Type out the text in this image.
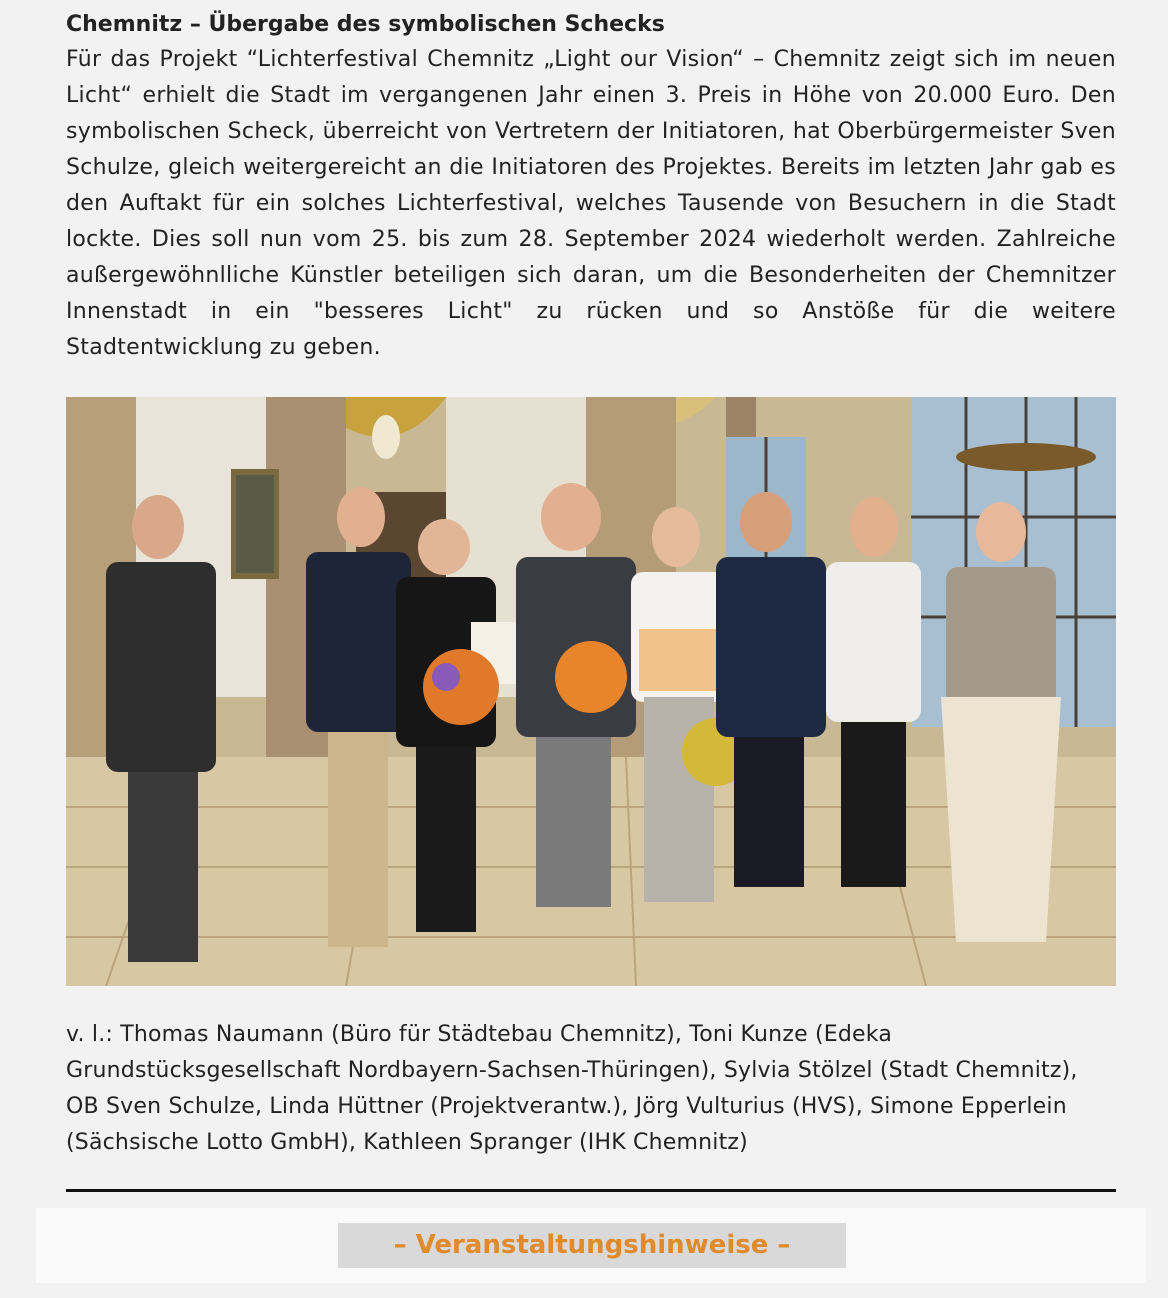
Chemnitz – Übergabe des symbolischen Schecks

Für das Projekt “Lichterfestival Chemnitz „Light our Vision“ – Chemnitz zeigt sich im neuen Licht“ erhielt die Stadt im vergangenen Jahr einen 3. Preis in Höhe von 20.000 Euro. Den symbolischen Scheck, überreicht von Vertretern der Initiatoren, hat Oberbürgermeister Sven Schulze, gleich weitergereicht an die Initiatoren des Projektes. Bereits im letzten Jahr gab es den Auftakt für ein solches Lichterfestival, welches Tausende von Besuchern in die Stadt lockte. Dies soll nun vom 25. bis zum 28. September 2024 wiederholt werden. Zahlreiche außergewöhnlliche Künstler beteiligen sich daran, um die Besonderheiten der Chemnitzer Innenstadt in ein "besseres Licht" zu rücken und so Anstöße für die weitere Stadtentwicklung zu geben.

v. l.: Thomas Naumann (Büro für Städtebau Chemnitz), Toni Kunze (Edeka Grundstücksgesellschaft Nordbayern-Sachsen-Thüringen), Sylvia Stölzel (Stadt Chemnitz), OB Sven Schulze, Linda Hüttner (Projektverantw.), Jörg Vulturius (HVS), Simone Epperlein (Sächsische Lotto GmbH), Kathleen Spranger (IHK Chemnitz)

– Veranstaltungshinweise –
